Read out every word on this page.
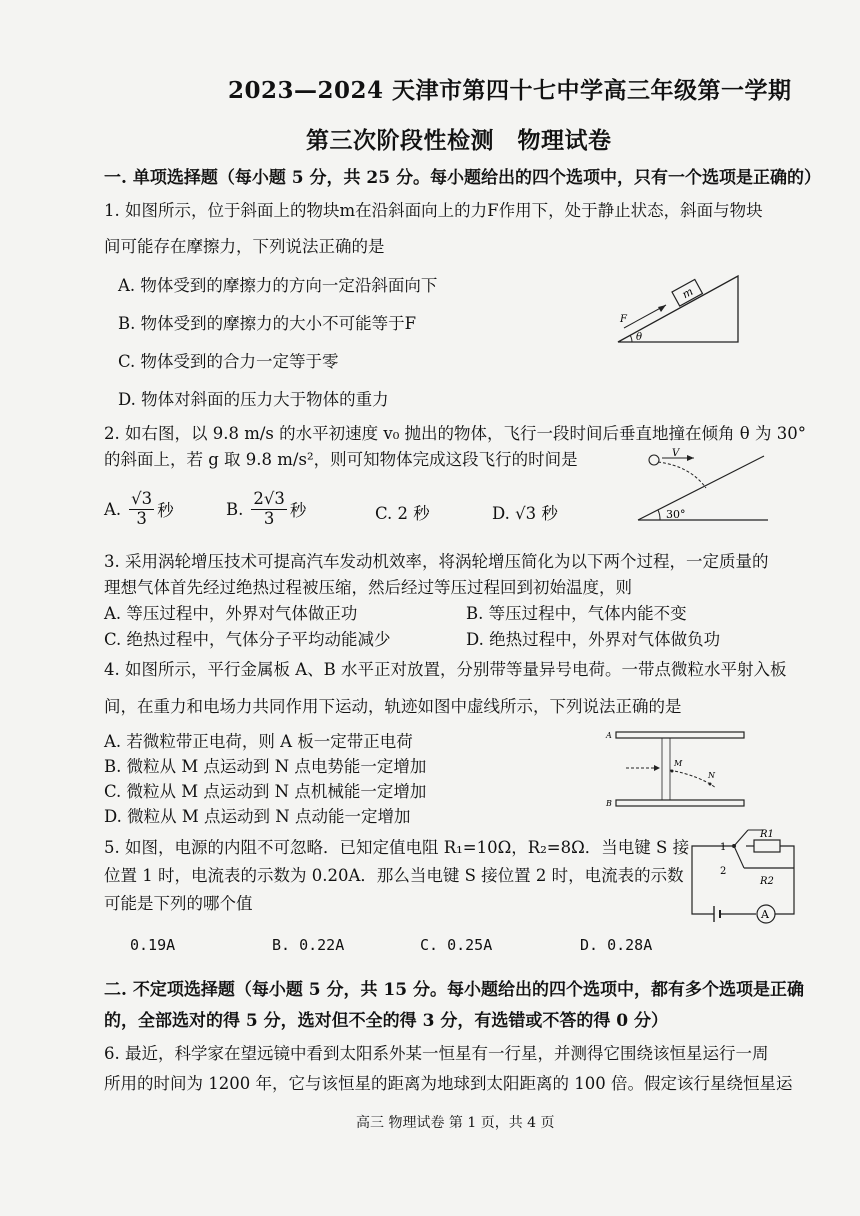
2023—2024 天津市第四十七中学高三年级第一学期
第三次阶段性检测　物理试卷
一. 单项选择题（每小题 5 分，共 25 分。每小题给出的四个选项中，只有一个选项是正确的）
1. 如图所示，位于斜面上的物块m在沿斜面向上的力F作用下，处于静止状态，斜面与物块
间可能存在摩擦力，下列说法正确的是
A. 物体受到的摩擦力的方向一定沿斜面向下
B. 物体受到的摩擦力的大小不可能等于F
C. 物体受到的合力一定等于零
D. 物体对斜面的压力大于物体的重力
m
F
θ
2. 如右图，以 9.8 m/s 的水平初速度 v₀ 抛出的物体，飞行一段时间后垂直地撞在倾角 θ 为 30°
的斜面上，若 g 取 9.8 m/s²，则可知物体完成这段飞行的时间是
A. $\frac{√3}{3}$ 秒	B. $\frac{2√3}{3}$ 秒	C. 2 秒	D. √3 秒
V
30°
3. 采用涡轮增压技术可提高汽车发动机效率，将涡轮增压简化为以下两个过程，一定质量的
理想气体首先经过绝热过程被压缩，然后经过等压过程回到初始温度，则
A. 等压过程中，外界对气体做正功	B. 等压过程中，气体内能不变
C. 绝热过程中，气体分子平均动能减少	D. 绝热过程中，外界对气体做负功
4. 如图所示，平行金属板 A、B 水平正对放置，分别带等量异号电荷。一带点微粒水平射入板
间，在重力和电场力共同作用下运动，轨迹如图中虚线所示，下列说法正确的是
A. 若微粒带正电荷，则 A 板一定带正电荷
B. 微粒从 M 点运动到 N 点电势能一定增加
C. 微粒从 M 点运动到 N 点机械能一定增加
D. 微粒从 M 点运动到 N 点动能一定增加
A
B
M
N
5. 如图，电源的内阻不可忽略．已知定值电阻 R₁=10Ω，R₂=8Ω．当电键 S 接
位置 1 时，电流表的示数为 0.20A．那么当电键 S 接位置 2 时，电流表的示数
可能是下列的哪个值
0.19A	B. 0.22A	C. 0.25A	D. 0.28A
A
1
2
R1
R2
二. 不定项选择题（每小题 5 分，共 15 分。每小题给出的四个选项中，都有多个选项是正确
的，全部选对的得 5 分，选对但不全的得 3 分，有选错或不答的得 0 分）
6. 最近，科学家在望远镜中看到太阳系外某一恒星有一行星，并测得它围绕该恒星运行一周
所用的时间为 1200 年，它与该恒星的距离为地球到太阳距离的 100 倍。假定该行星绕恒星运
高三 物理试卷 第 1 页，共 4 页
